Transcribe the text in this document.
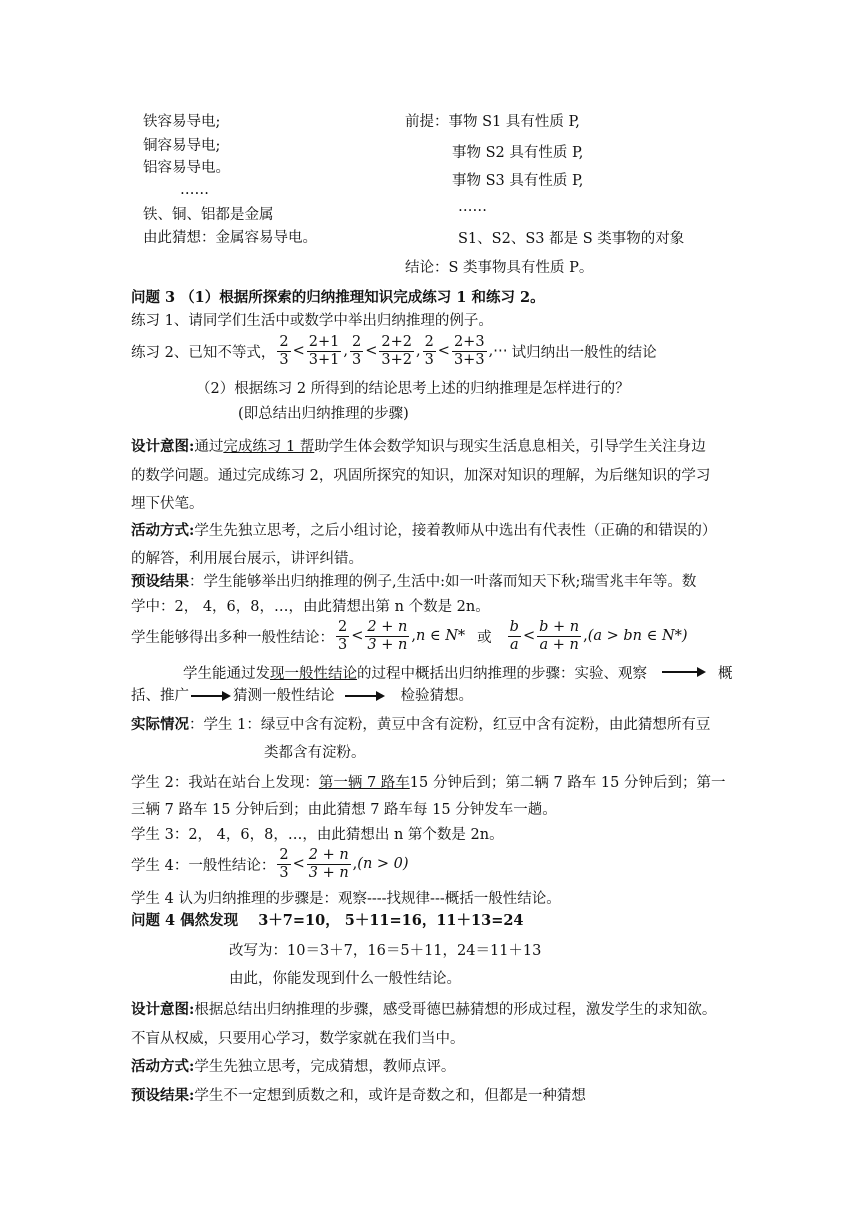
铁容易导电;
铜容易导电;
铝容易导电。
……
铁、铜、铝都是金属
由此猜想：金属容易导电。
前提：事物 S1 具有性质 P,
事物 S2 具有性质 P,
事物 S3 具有性质 P,
……
S1、S2、S3 都是 S 类事物的对象
结论：S 类事物具有性质 P。
问题 3 （1）根据所探索的归纳推理知识完成练习 1 和练习 2。
练习 1、请同学们生活中或数学中举出归纳推理的例子。
练习 2、已知不等式，
2
3
<
2+1
3+1
,
2
3
<
2+2
3+2
,
2
3
<
2+3
3+3
, ⋯ 试归纳出一般性的结论
（2）根据练习 2 所得到的结论思考上述的归纳推理是怎样进行的？
(即总结出归纳推理的步骤)
设计意图:通过完成练习 1 帮助学生体会数学知识与现实生活息息相关，引导学生关注身边
的数学问题。通过完成练习 2，巩固所探究的知识，加深对知识的理解，为后继知识的学习
埋下伏笔。
活动方式:学生先独立思考，之后小组讨论，接着教师从中选出有代表性（正确的和错误的）
的解答，利用展台展示，讲评纠错。
预设结果：学生能够举出归纳推理的例子,生活中:如一叶落而知天下秋;瑞雪兆丰年等。数
学中：2， 4，6，8，…，由此猜想出第 n 个数是 2n。
学生能够得出多种一般性结论：
2
3
<
2 + n
3 + n
, n ∈ N* 或
b
a
<
b + n
a + n
, (a > bn ∈ N*)
学生能通过发现一般性结论的过程中概括出归纳推理的步骤：实验、观察	概
括、推广	猜测一般性结论	检验猜想。
实际情况：学生 1：绿豆中含有淀粉，黄豆中含有淀粉，红豆中含有淀粉，由此猜想所有豆
类都含有淀粉。
学生 2：我站在站台上发现：第一辆 7 路车15 分钟后到；第二辆 7 路车 15 分钟后到；第一
三辆 7 路车 15 分钟后到；由此猜想 7 路车每 15 分钟发车一趟。
学生 3：2， 4，6，8，…，由此猜想出 n 第个数是 2n。
学生 4：一般性结论：
2
3
<
2 + n
3 + n
, (n > 0)
学生 4 认为归纳推理的步骤是：观察----找规律---概括一般性结论。
问题 4 偶然发现 3＋7=10， 5＋11=16，11＋13=24
改写为：10＝3＋7，16＝5＋11，24＝11＋13
由此，你能发现到什么一般性结论。
设计意图:根据总结出归纳推理的步骤，感受哥德巴赫猜想的形成过程，激发学生的求知欲。
不盲从权威，只要用心学习，数学家就在我们当中。
活动方式:学生先独立思考，完成猜想，教师点评。
预设结果:学生不一定想到质数之和，或许是奇数之和，但都是一种猜想
